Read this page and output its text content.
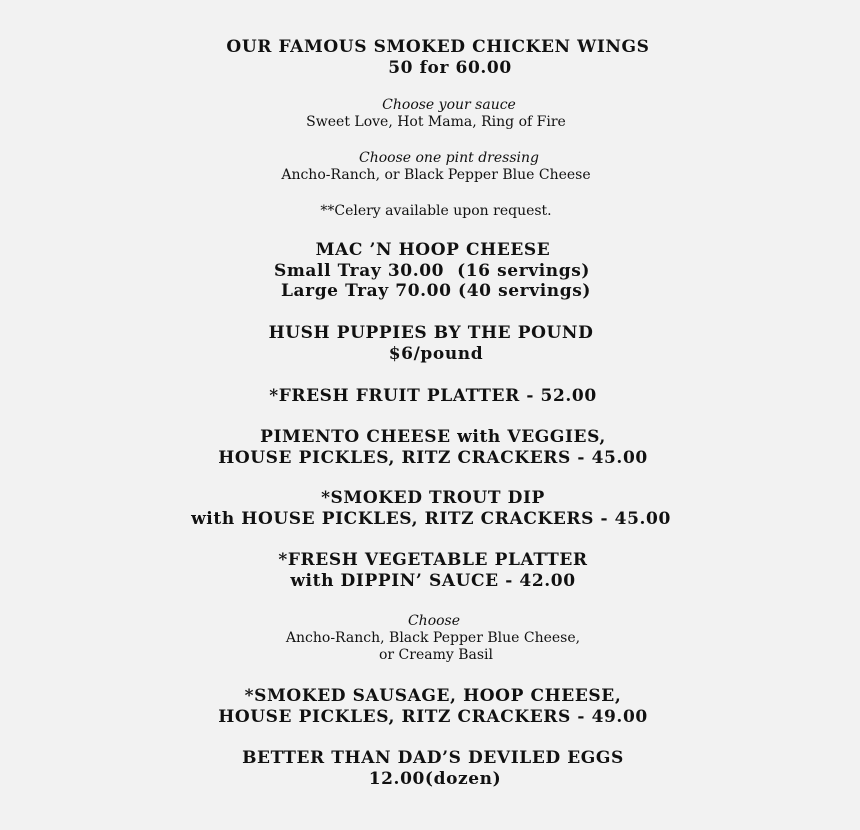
OUR FAMOUS SMOKED CHICKEN WINGS
50 for 60.00
Choose your sauce
Sweet Love, Hot Mama, Ring of Fire
Choose one pint dressing
Ancho-Ranch, or Black Pepper Blue Cheese
**Celery available upon request.
MAC ’N HOOP CHEESE
Small Tray 30.00  (16 servings)
Large Tray 70.00 (40 servings)
HUSH PUPPIES BY THE POUND
$6/pound
*FRESH FRUIT PLATTER - 52.00
PIMENTO CHEESE with VEGGIES,
HOUSE PICKLES, RITZ CRACKERS - 45.00
*SMOKED TROUT DIP
with HOUSE PICKLES, RITZ CRACKERS - 45.00
*FRESH VEGETABLE PLATTER
with DIPPIN’ SAUCE - 42.00
Choose
Ancho-Ranch, Black Pepper Blue Cheese,
or Creamy Basil
*SMOKED SAUSAGE, HOOP CHEESE,
HOUSE PICKLES, RITZ CRACKERS - 49.00
BETTER THAN DAD’S DEVILED EGGS
12.00(dozen)
